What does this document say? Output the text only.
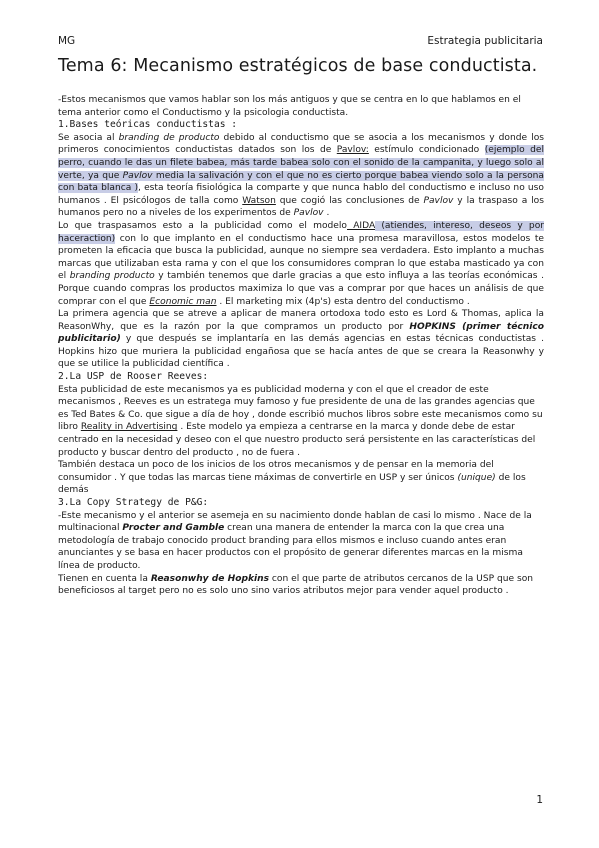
MG	Estrategia publicitaria
Tema 6: Mecanismo estratégicos de base conductista.

-Estos mecanismos que vamos hablar son los más antiguos y que se centra en lo que hablamos en el tema anterior como el Conductismo y la psicologia conductista.

1.Bases teóricas conductistas :

Se asocia al branding de producto debido al conductismo que se asocia a los mecanismos y donde los primeros conocimientos conductistas datados son los de Pavlov: estímulo condicionado (ejemplo del perro, cuando le das un filete babea, más tarde babea solo con el sonido de la campanita, y luego solo al verte, ya que Pavlov media la salivación y con el que no es cierto porque babea viendo solo a la persona con bata blanca ), esta teoría fisiológica la comparte y que nunca hablo del conductismo e incluso no uso humanos . El psicólogos de talla como Watson que cogió las conclusiones de Pavlov y la traspaso a los humanos pero no a niveles de los experimentos de Pavlov .

Lo que traspasamos esto a la publicidad como el modelo AIDA (atiendes, intereso, deseos y por haceraction) con lo que implanto en el conductismo hace una promesa maravillosa, estos modelos te prometen la eficacia que busca la publicidad, aunque no siempre sea verdadera. Esto implanto a muchas marcas que utilizaban esta rama y con el que los consumidores compran lo que estaba masticado ya con el branding producto y también tenemos que darle gracias a que esto influya a las teorías económicas . Porque cuando compras los productos maximiza lo que vas a comprar por que haces un análisis de que comprar con el que Economic man . El marketing mix (4p's) esta dentro del conductismo .

La primera agencia que se atreve a aplicar de manera ortodoxa todo esto es Lord & Thomas, aplica la ReasonWhy, que es la razón por la que compramos un producto por HOPKINS (primer técnico publicitario) y que después se implantaría en las demás agencias en estas técnicas conductistas . Hopkins hizo que muriera la publicidad engañosa que se hacía antes de que se creara la Reasonwhy y que se utilice la publicidad científica .

2.La USP de Rooser Reeves:

Esta publicidad de este mecanismos ya es publicidad moderna y con el que el creador de este mecanismos , Reeves es un estratega muy famoso y fue presidente de una de las grandes agencias que es Ted Bates & Co. que sigue a día de hoy , donde escribió muchos libros sobre este mecanismos como su libro Reality in Advertising . Este modelo ya empieza a centrarse en la marca y donde debe de estar centrado en la necesidad y deseo con el que nuestro producto será persistente en las características del producto y buscar dentro del producto , no de fuera .

También destaca un poco de los inicios de los otros mecanismos y de pensar en la memoria del consumidor . Y que todas las marcas tiene máximas de convertirle en USP y ser únicos (unique) de los demás

3.La Copy Strategy de P&G:

-Este mecanismo y el anterior se asemeja en su nacimiento donde hablan de casi lo mismo . Nace de la multinacional Procter and Gamble crean una manera de entender la marca con la que crea una metodología de trabajo conocido product branding para ellos mismos e incluso cuando antes eran anunciantes y se basa en hacer productos con el propósito de generar diferentes marcas en la misma línea de producto.

Tienen en cuenta la Reasonwhy de Hopkins con el que parte de atributos cercanos de la USP que son beneficiosos al target pero no es solo uno sino varios atributos mejor para vender aquel producto .

1
